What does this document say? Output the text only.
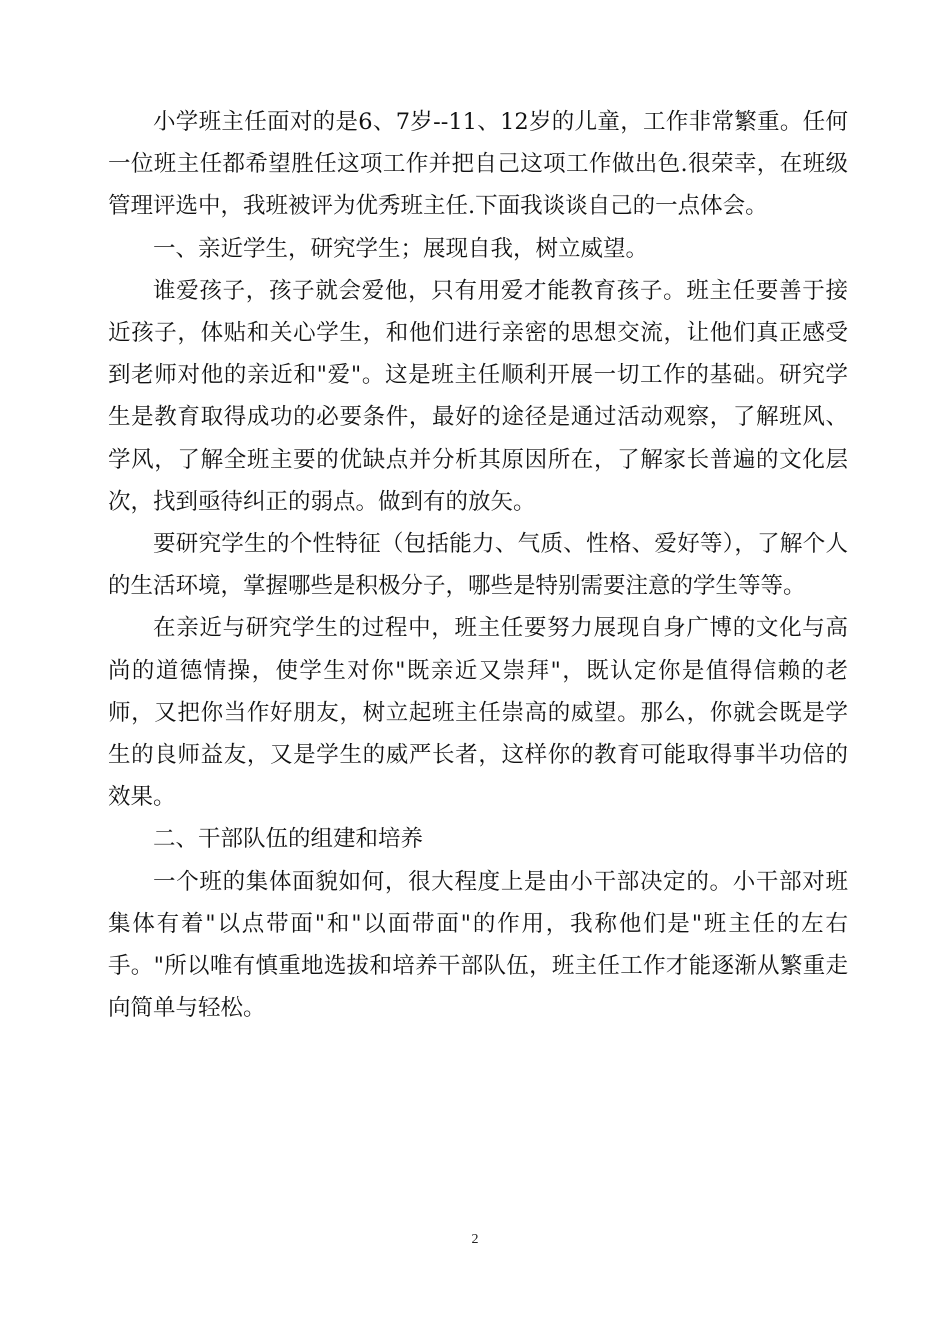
小学班主任面对的是6、7岁--11、12岁的儿童，工作非常繁重。任何一位班主任都希望胜任这项工作并把自己这项工作做出色.很荣幸，在班级管理评选中，我班被评为优秀班主任.下面我谈谈自己的一点体会。

一、亲近学生，研究学生；展现自我，树立威望。

谁爱孩子，孩子就会爱他，只有用爱才能教育孩子。班主任要善于接近孩子，体贴和关心学生，和他们进行亲密的思想交流，让他们真正感受到老师对他的亲近和"爱"。这是班主任顺利开展一切工作的基础。研究学生是教育取得成功的必要条件，最好的途径是通过活动观察，了解班风、学风，了解全班主要的优缺点并分析其原因所在，了解家长普遍的文化层次，找到亟待纠正的弱点。做到有的放矢。

要研究学生的个性特征（包括能力、气质、性格、爱好等），了解个人的生活环境，掌握哪些是积极分子，哪些是特别需要注意的学生等等。

在亲近与研究学生的过程中，班主任要努力展现自身广博的文化与高尚的道德情操，使学生对你"既亲近又崇拜"，既认定你是值得信赖的老师，又把你当作好朋友，树立起班主任崇高的威望。那么，你就会既是学生的良师益友，又是学生的威严长者，这样你的教育可能取得事半功倍的效果。

二、干部队伍的组建和培养

一个班的集体面貌如何，很大程度上是由小干部决定的。小干部对班集体有着"以点带面"和"以面带面"的作用，我称他们是"班主任的左右手。"所以唯有慎重地选拔和培养干部队伍，班主任工作才能逐渐从繁重走向简单与轻松。

2
